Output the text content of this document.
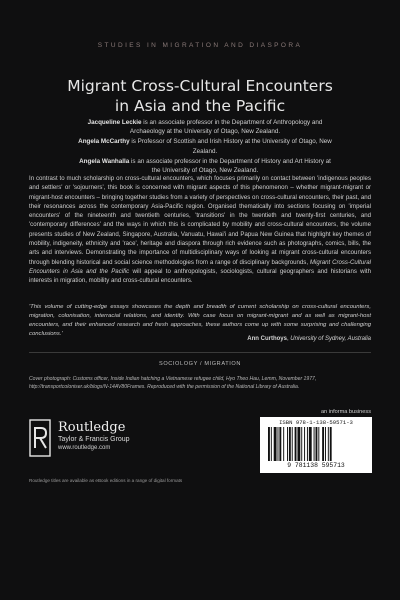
STUDIES IN MIGRATION AND DIASPORA
Migrant Cross-Cultural Encounters
in Asia and the Pacific

Jacqueline Leckie is an associate professor in the Department of Anthropology and Archaeology at the University of Otago, New Zealand.

Angela McCarthy is Professor of Scottish and Irish History at the University of Otago, New Zealand.

Angela Wanhalla is an associate professor in the Department of History and Art History at the University of Otago, New Zealand.

In contrast to much scholarship on cross-cultural encounters, which focuses primarily on contact between 'indigenous peoples and settlers' or 'sojourners', this book is concerned with migrant aspects of this phenomenon – whether migrant-migrant or migrant-host encounters – bringing together studies from a variety of perspectives on cross-cultural encounters, their past, and their resonances across the contemporary Asia-Pacific region. Organised thematically into sections focusing on 'imperial encounters' of the nineteenth and twentieth centuries, 'transitions' in the twentieth and twenty-first centuries, and 'contemporary differences' and the ways in which this is complicated by mobility and cross-cultural encounters, the volume presents studies of New Zealand, Singapore, Australia, Vanuatu, Hawai'i and Papua New Guinea that highlight key themes of mobility, indigeneity, ethnicity and 'race', heritage and diaspora through rich evidence such as photographs, comics, bills, the arts and interviews. Demonstrating the importance of multidisciplinary ways of looking at migrant cross-cultural encounters through blending historical and social science methodologies from a range of disciplinary backgrounds, Migrant Cross-Cultural Encounters in Asia and the Pacific will appeal to anthropologists, sociologists, cultural geographers and historians with interests in migration, mobility and cross-cultural encounters.
'This volume of cutting-edge essays showcases the depth and breadth of current scholarship on cross-cultural encounters, migration, colonisation, interracial relations, and identity. With case focus on migrant-migrant and as well as migrant-host encounters, and their enhanced research and fresh approaches, these authors come up with some surprising and challenging conclusions.'
Ann Curthoys, University of Sydney, Australia
SOCIOLOGY / MIGRATION
Cover photograph: Customs officer, Inside Indian hatching a Vietnamese refugee child, Hyo Theo Hau, Lemm, November 1977, http://transportcoloniser.uk/blogs/N-14AV80Frames. Reproduced with the permission of the National Library of Australia.
an informa business
Routledge
Taylor & Francis Group
www.routledge.com
ISBN 978-1-138-59571-3
9 781138 595713
Routledge titles are available as eBook editions in a range of digital formats
